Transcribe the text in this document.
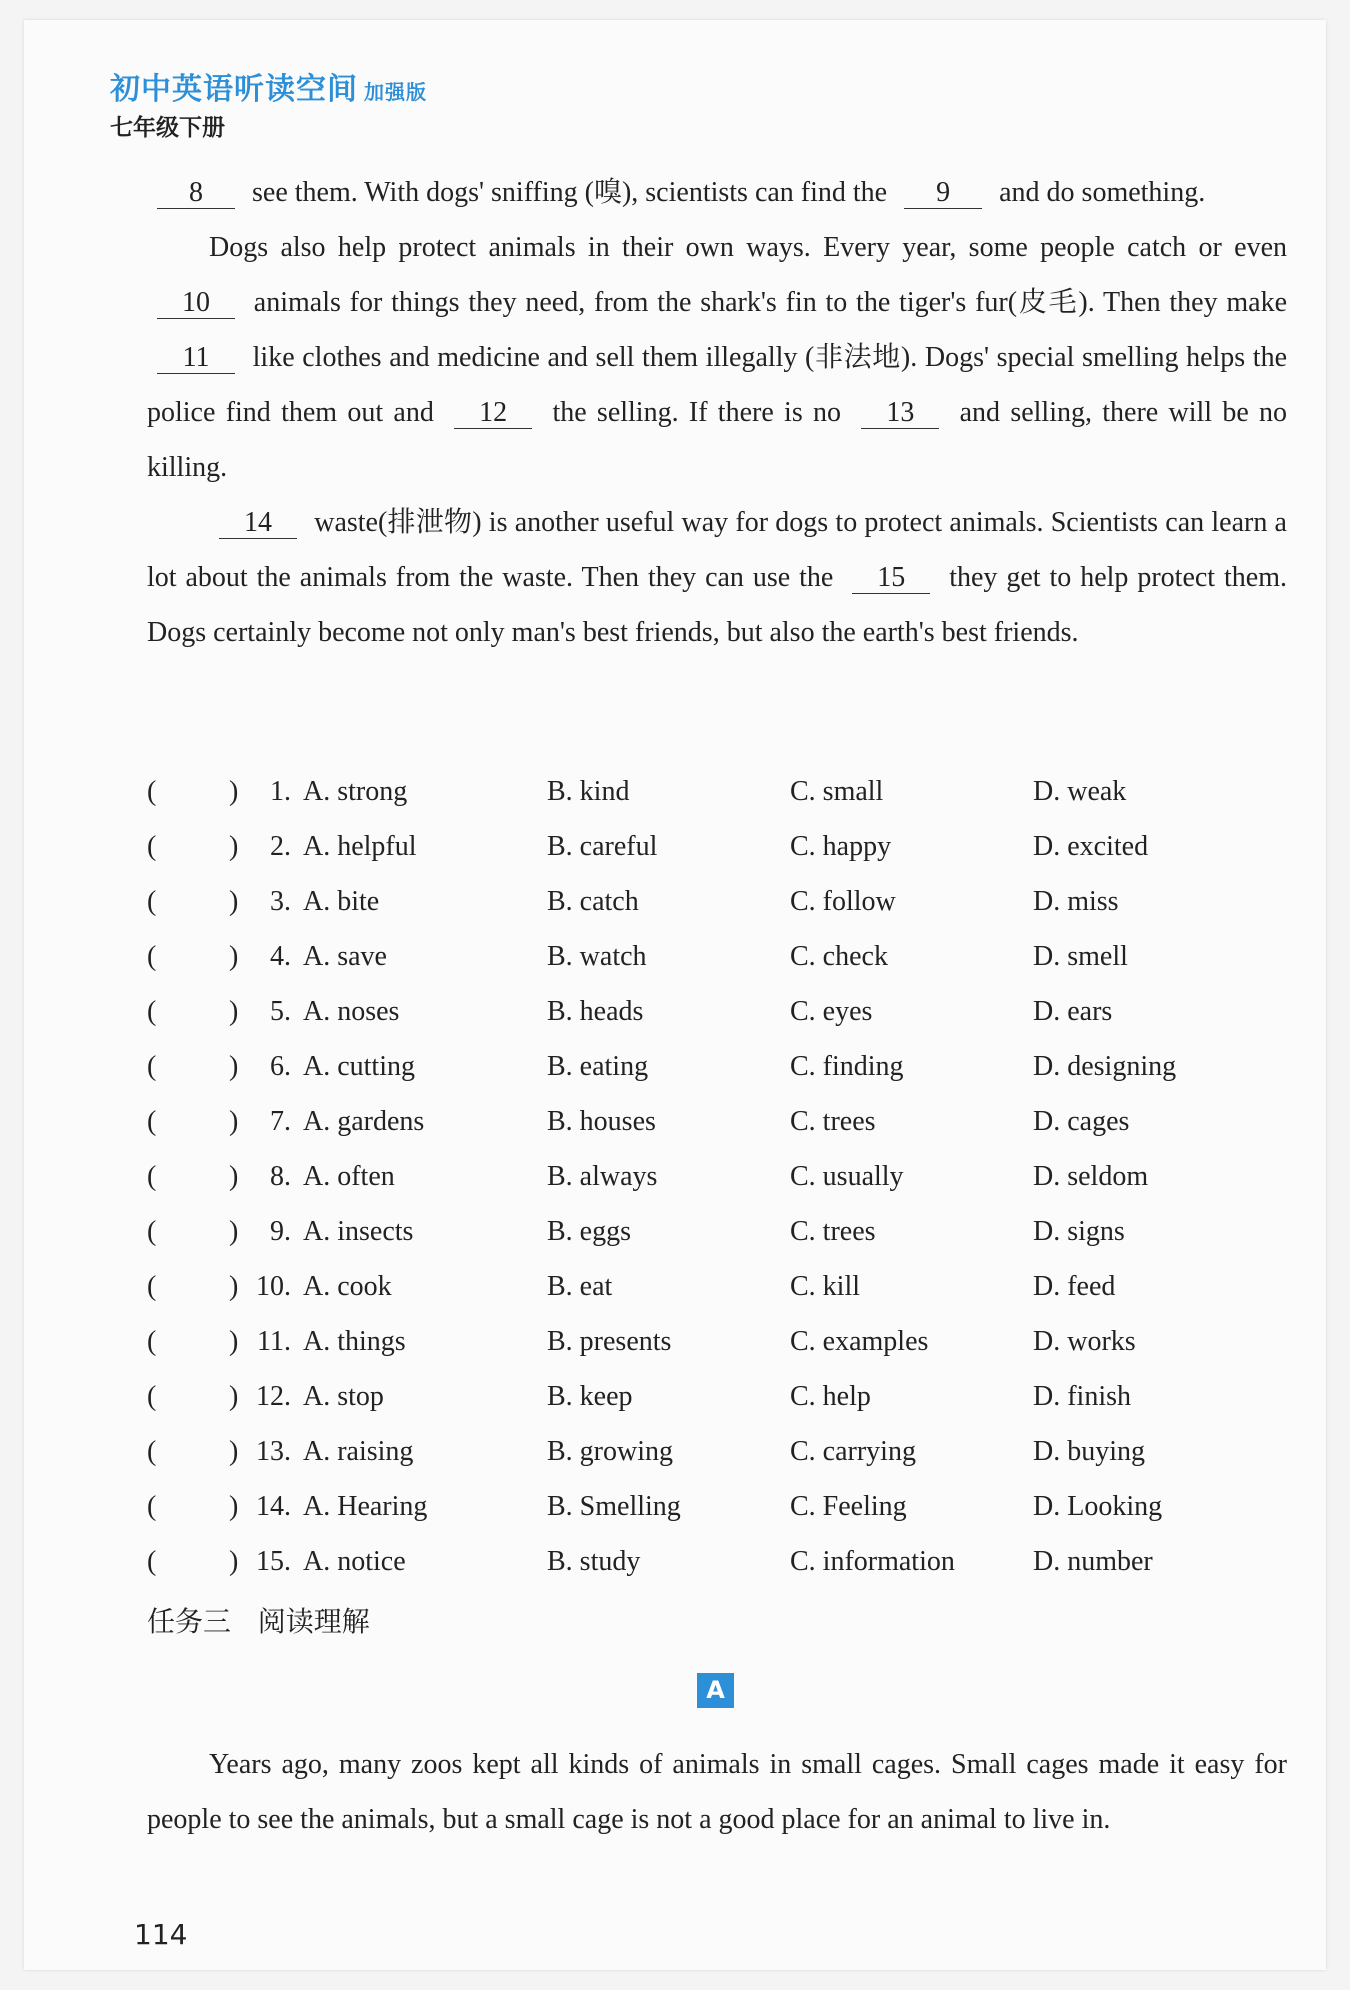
初中英语听读空间 加强版
七年级下册

8 see them. With dogs' sniffing (嗅), scientists can find the 9 and do something.

Dogs also help protect animals in their own ways. Every year, some people catch or even 10 animals for things they need, from the shark's fin to the tiger's fur(皮毛). Then they make 11 like clothes and medicine and sell them illegally (非法地). Dogs' special smelling helps the police find them out and 12 the selling. If there is no 13 and selling, there will be no killing.

14 waste(排泄物) is another useful way for dogs to protect animals. Scientists can learn a lot about the animals from the waste. Then they can use the 15 they get to help protect them. Dogs certainly become not only man's best friends, but also the earth's best friends.

(	)	1. A. strong	B. kind	C. small	D. weak
(	)	2. A. helpful	B. careful	C. happy	D. excited
(	)	3. A. bite	B. catch	C. follow	D. miss
(	)	4. A. save	B. watch	C. check	D. smell
(	)	5. A. noses	B. heads	C. eyes	D. ears
(	)	6. A. cutting	B. eating	C. finding	D. designing
(	)	7. A. gardens	B. houses	C. trees	D. cages
(	)	8. A. often	B. always	C. usually	D. seldom
(	)	9. A. insects	B. eggs	C. trees	D. signs
(	) 10. A. cook	B. eat	C. kill	D. feed
(	) 11. A. things	B. presents	C. examples	D. works
(	) 12. A. stop	B. keep	C. help	D. finish
(	) 13. A. raising	B. growing	C. carrying	D. buying
(	) 14. A. Hearing	B. Smelling	C. Feeling	D. Looking
(	) 15. A. notice	B. study	C. information	D. number
任务三   阅读理解
A

Years ago, many zoos kept all kinds of animals in small cages. Small cages made it easy for people to see the animals, but a small cage is not a good place for an animal to live in.

114
